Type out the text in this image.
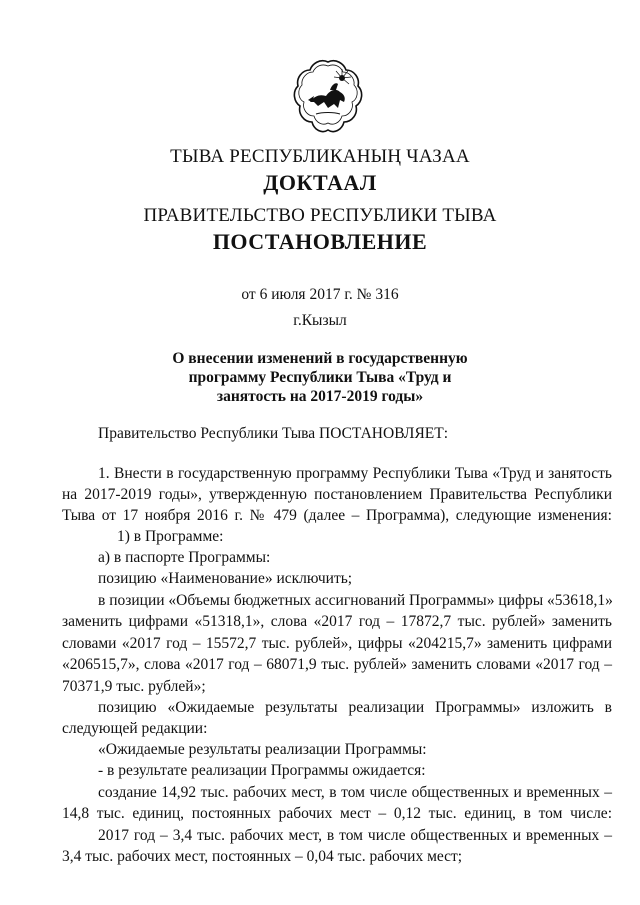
ТЫВА РЕСПУБЛИКАНЫҢ ЧАЗАА
ДОКТААЛ
ПРАВИТЕЛЬСТВО РЕСПУБЛИКИ ТЫВА
ПОСТАНОВЛЕНИЕ
от 6 июля 2017 г. № 316
г.Кызыл
О внесении изменений в государственную
программу Республики Тыва «Труд и
занятость на 2017-2019 годы»
Правительство Республики Тыва ПОСТАНОВЛЯЕТ:
1. Внести в государственную программу Республики Тыва «Труд и занятость
на 2017-2019 годы», утвержденную постановлением Правительства Республики
Тыва от 17 ноября 2016 г. № 479 (далее – Программа), следующие изменения:
1) в Программе:
а) в паспорте Программы:
позицию «Наименование» исключить;
в позиции «Объемы бюджетных ассигнований Программы» цифры «53618,1»
заменить цифрами «51318,1», слова «2017 год – 17872,7 тыс. рублей» заменить
словами «2017 год – 15572,7 тыс. рублей», цифры «204215,7» заменить цифрами
«206515,7», слова «2017 год – 68071,9 тыс. рублей» заменить словами «2017 год –
70371,9 тыс. рублей»;
позицию «Ожидаемые результаты реализации Программы» изложить в
следующей редакции:
«Ожидаемые результаты реализации Программы:
- в результате реализации Программы ожидается:
создание 14,92 тыс. рабочих мест, в том числе общественных и временных –
14,8 тыс. единиц, постоянных рабочих мест – 0,12 тыс. единиц, в том числе:
2017 год – 3,4 тыс. рабочих мест, в том числе общественных и временных –
3,4 тыс. рабочих мест, постоянных – 0,04 тыс. рабочих мест;
